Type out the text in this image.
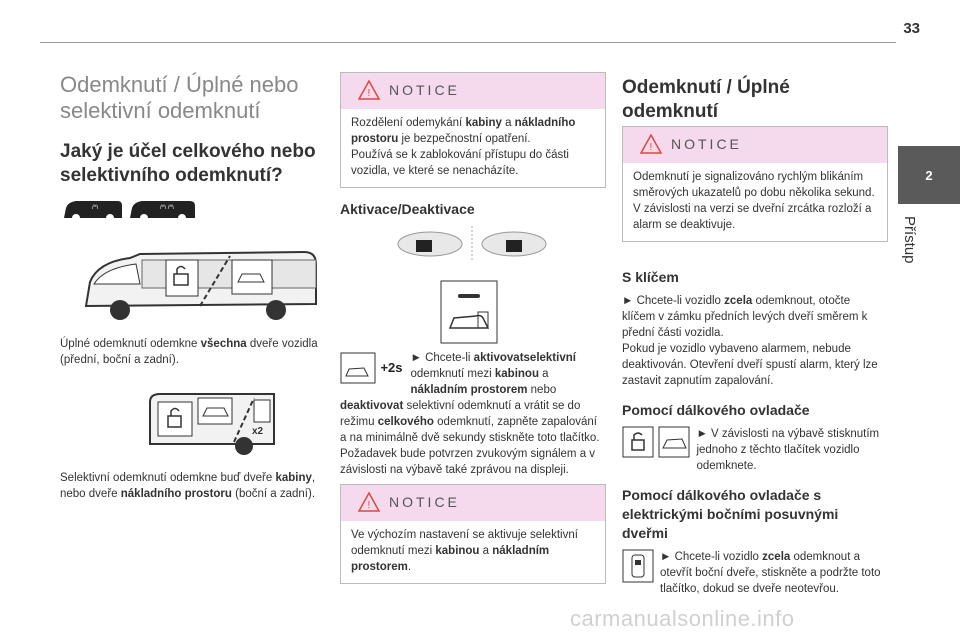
33
2
Přístup
Odemknutí / Úplné nebo selektivní odemknutí
Jaký je účel celkového nebo selektivního odemknutí?
/^\	/^\ /^\

Úplné odemknutí odemkne všechna dveře vozidla (přední, boční a zadní).

x2

Selektivní odemknutí odemkne buď dveře kabiny, nebo dveře nákladního prostoru (boční a zadní).

! NOTICE

Rozdělení odemykání kabiny a nákladního prostoru je bezpečnostní opatření.

Používá se k zablokování přístupu do části vozidla, ve které se nenacházíte.

Aktivace/Deaktivace
+2s

► Chcete-li aktivovatselektivní odemknutí mezi kabinou a nákladním prostorem nebo deaktivovat selektivní odemknutí a vrátit se do režimu celkového odemknutí, zapněte zapalování a na minimálně dvě sekundy stiskněte toto tlačítko.

Požadavek bude potvrzen zvukovým signálem a v závislosti na výbavě také zprávou na displeji.

! NOTICE

Ve výchozím nastavení se aktivuje selektivní odemknutí mezi kabinou a nákladním prostorem.

Odemknutí / Úplné odemknutí
! NOTICE

Odemknutí je signalizováno rychlým blikáním směrových ukazatelů po dobu několika sekund.

V závislosti na verzi se dveřní zrcátka rozloží a alarm se deaktivuje.

S klíčem

► Chcete-li vozidlo zcela odemknout, otočte klíčem v zámku předních levých dveří směrem k přední části vozidla.

Pokud je vozidlo vybaveno alarmem, nebude deaktivován. Otevření dveří spustí alarm, který lze zastavit zapnutím zapalování.

Pomocí dálkového ovladače

► V závislosti na výbavě stisknutím jednoho z těchto tlačítek vozidlo odemknete.

Pomocí dálkového ovladače s elektrickými bočními posuvnými dveřmi

► Chcete-li vozidlo zcela odemknout a otevřít boční dveře, stiskněte a podržte toto tlačítko, dokud se dveře neotevřou.

carmanualsonline.info
